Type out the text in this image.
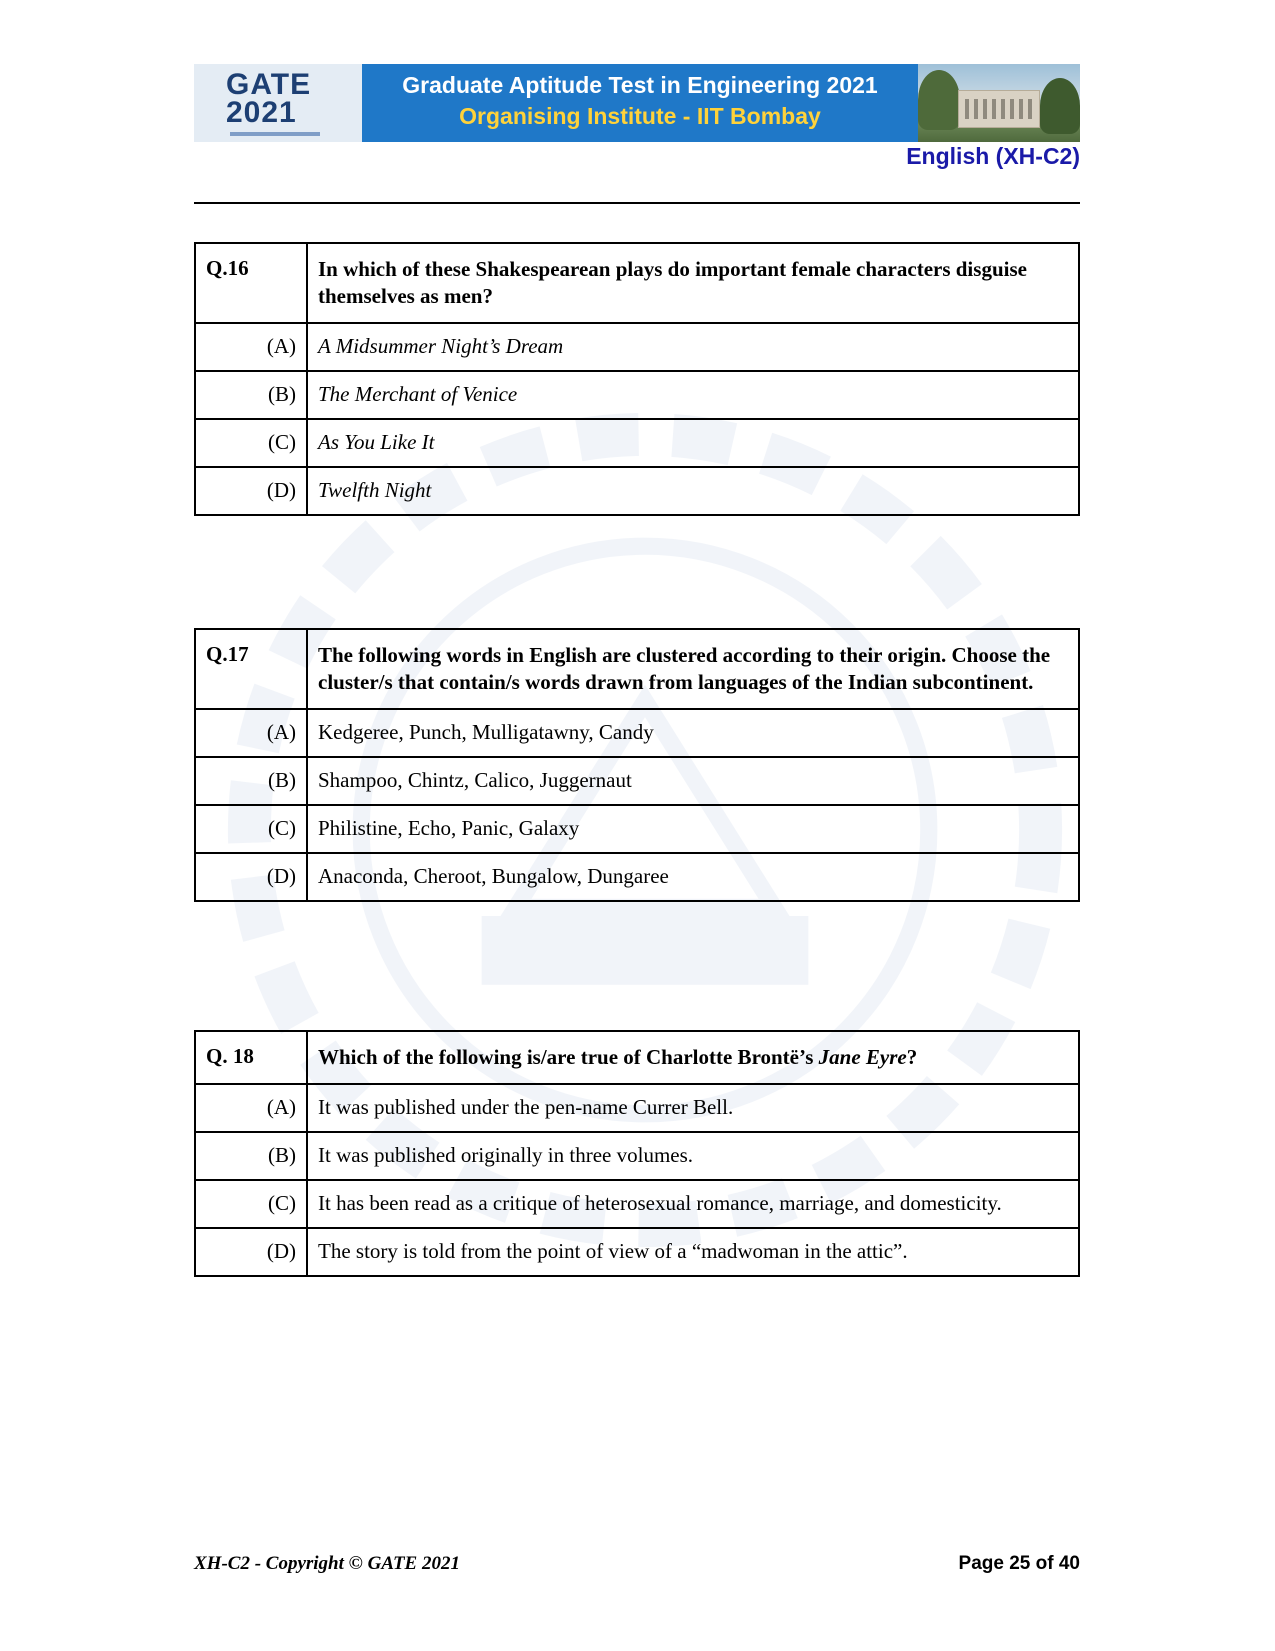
GATE
2021
Graduate Aptitude Test in Engineering 2021
Organising Institute - IIT Bombay
English (XH-C2)
Q.16	In which of these Shakespearean plays do important female characters disguise themselves as men?
(A)	A Midsummer Night’s Dream
(B)	The Merchant of Venice
(C)	As You Like It
(D)	Twelfth Night
Q.17	The following words in English are clustered according to their origin. Choose the cluster/s that contain/s words drawn from languages of the Indian subcontinent.
(A)	Kedgeree, Punch, Mulligatawny, Candy
(B)	Shampoo, Chintz, Calico, Juggernaut
(C)	Philistine, Echo, Panic, Galaxy
(D)	Anaconda, Cheroot, Bungalow, Dungaree
Q. 18	Which of the following is/are true of Charlotte Brontë’s Jane Eyre?
(A)	It was published under the pen-name Currer Bell.
(B)	It was published originally in three volumes.
(C)	It has been read as a critique of heterosexual romance, marriage, and domesticity.
(D)	The story is told from the point of view of a “madwoman in the attic”.
XH-C2 - Copyright © GATE 2021	Page 25 of 40
